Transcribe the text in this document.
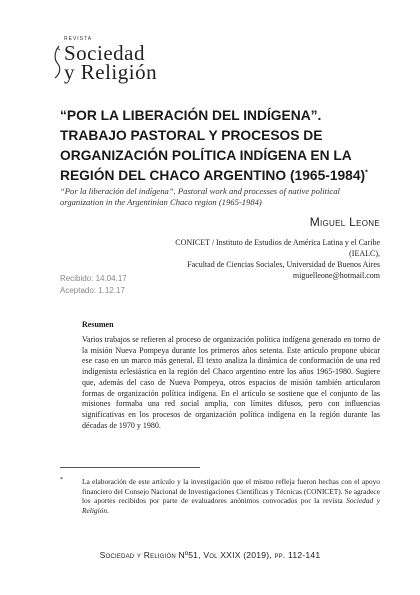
REVISTA
Sociedad
y Religión
“POR LA LIBERACIÓN DEL INDÍGENA”. TRABAJO PASTORAL Y PROCESOS DE ORGANIZACIÓN POLÍTICA INDÍGENA EN LA REGIÓN DEL CHACO ARGENTINO (1965-1984)*
“Por la liberación del indígena”. Pastoral work and processes of native political organization in the Argentinian Chaco region (1965-1984)
Miguel Leone
CONICET / Instituto de Estudios de América Latina y el Caribe (IEALC),
Facultad de Ciencias Sociales, Universidad de Buenos Aires
miguelleone@hotmail.com
Recibido: 14.04.17
Aceptado: 1.12.17
Resumen

Varios trabajos se refieren al proceso de organización política indígena generado en torno de la misión Nueva Pompeya durante los primeros años setenta. Este artículo propone ubicar ese caso en un marco más general. El texto analiza la dinámica de conformación de una red indigenista eclesiástica en la región del Chaco argentino entre los años 1965-1980. Sugiere que, además del caso de Nueva Pompeya, otros espacios de misión también articularon formas de organización política indígena. En el artículo se sostiene que el conjunto de las misiones formaba una red social amplia, con límites difusos, pero con influencias significativas en los procesos de organización política indígena en la región durante las décadas de 1970 y 1980.

*	La elaboración de este artículo y la investigación que el mismo refleja fueron hechas con el apoyo financiero del Consejo Nacional de Investigaciones Científicas y Técnicas (CONICET). Se agradece los aportes recibidos por parte de evaluadores anónimos convocados por la revista Sociedad y Religión.

Sociedad y Religión Nº51, Vol XXIX (2019), pp. 112-141
